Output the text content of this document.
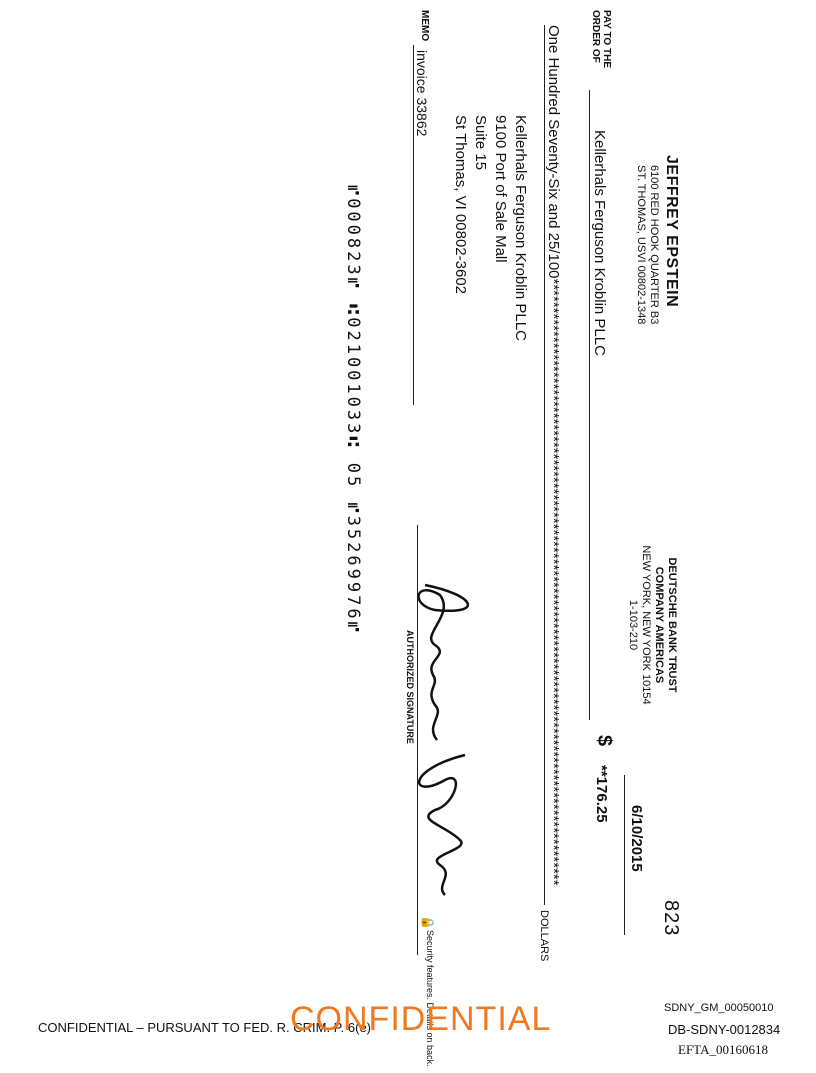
JEFFREY EPSTEIN
6100 RED HOOK QUARTER B3
ST. THOMAS, USVI 00802-1348
DEUTSCHE BANK TRUST
COMPANY AMERICAS
NEW YORK, NEW YORK 10154
1-103-210
823
6/10/2015
PAY TO THE
ORDER OF
Kellerhals Ferguson Kroblin PLLC
$
**176.25
One Hundred Seventy-Six and 25/100********************************************************************************************************
DOLLARS
Kellerhals Ferguson Kroblin PLLC
9100 Port of Sale Mall
Suite 15
St Thomas, VI 00802-3602
MEMO
invoice 33862
AUTHORIZED SIGNATURE
🔒
Security features. Details on back.
⑈000823⑈ ⑆021001033⑆ 05 ⑈3526997​6⑈
CONFIDENTIAL – PURSUANT TO FED. R. CRIM. P. 6(e)
CONFIDENTIAL	SDNY_GM_00050010
DB-SDNY-0012834
EFTA_00160618
